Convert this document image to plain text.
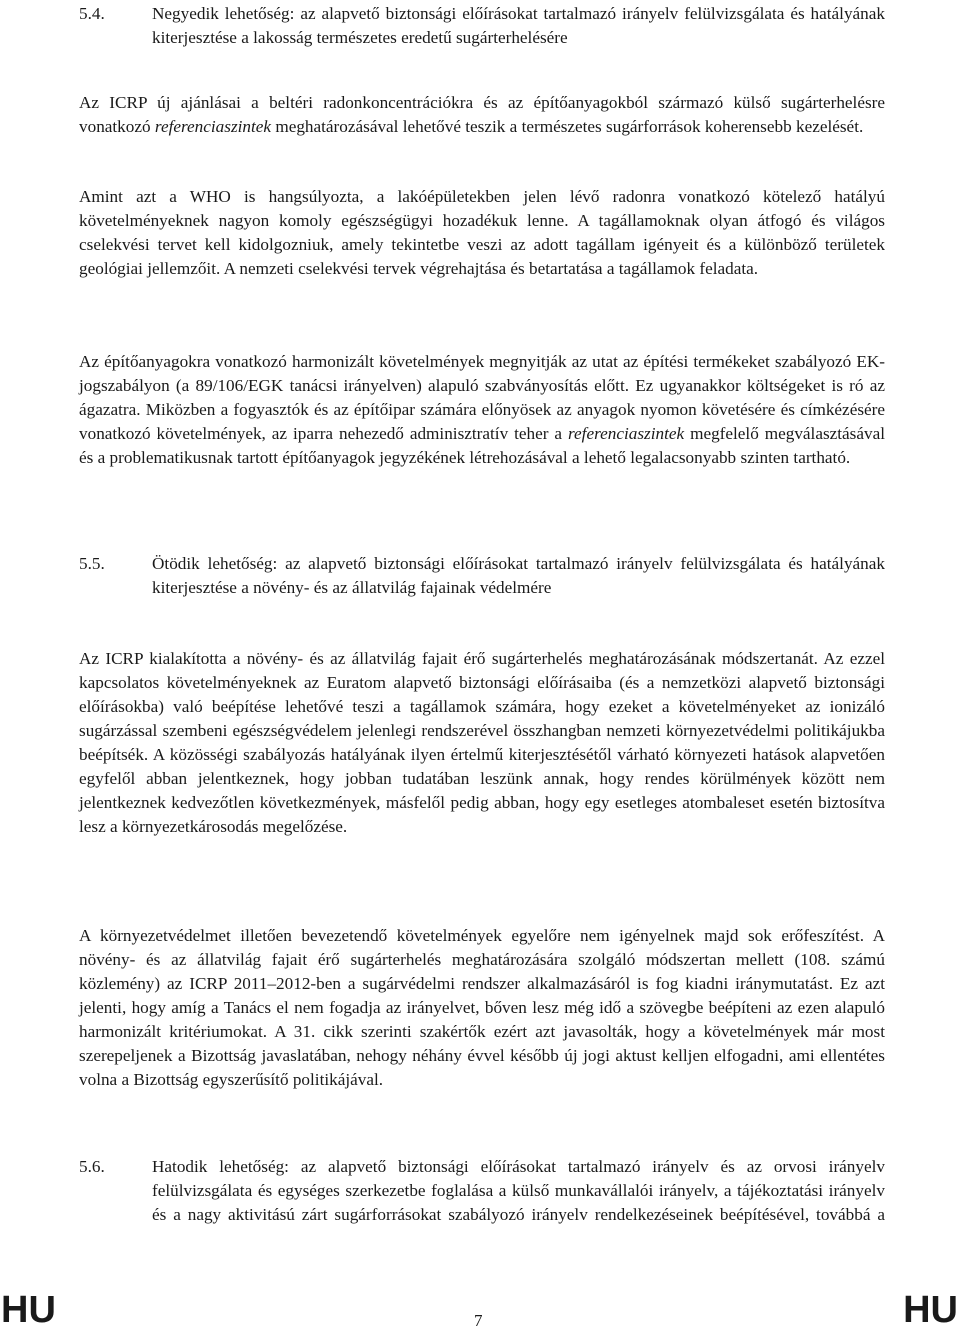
5.4.	Negyedik lehetőség: az alapvető biztonsági előírásokat tartalmazó irányelv felülvizsgálata és hatályának kiterjesztése a lakosság természetes eredetű sugárterhelésére
Az ICRP új ajánlásai a beltéri radonkoncentrációkra és az építőanyagokból származó külső sugárterhelésre vonatkozó referenciaszintek meghatározásával lehetővé teszik a természetes sugárforrások koherensebb kezelését.
Amint azt a WHO is hangsúlyozta, a lakóépületekben jelen lévő radonra vonatkozó kötelező hatályú követelményeknek nagyon komoly egészségügyi hozadékuk lenne. A tagállamoknak olyan átfogó és világos cselekvési tervet kell kidolgozniuk, amely tekintetbe veszi az adott tagállam igényeit és a különböző területek geológiai jellemzőit. A nemzeti cselekvési tervek végrehajtása és betartatása a tagállamok feladata.
Az építőanyagokra vonatkozó harmonizált követelmények megnyitják az utat az építési termékeket szabályozó EK-jogszabályon (a 89/106/EGK tanácsi irányelven) alapuló szabványosítás előtt. Ez ugyanakkor költségeket is ró az ágazatra. Miközben a fogyasztók és az építőipar számára előnyösek az anyagok nyomon követésére és címkézésére vonatkozó követelmények, az iparra nehezedő adminisztratív teher a referenciaszintek megfelelő megválasztásával és a problematikusnak tartott építőanyagok jegyzékének létrehozásával a lehető legalacsonyabb szinten tartható.
5.5.	Ötödik lehetőség: az alapvető biztonsági előírásokat tartalmazó irányelv felülvizsgálata és hatályának kiterjesztése a növény- és az állatvilág fajainak védelmére
Az ICRP kialakította a növény- és az állatvilág fajait érő sugárterhelés meghatározásának módszertanát. Az ezzel kapcsolatos követelményeknek az Euratom alapvető biztonsági előírásaiba (és a nemzetközi alapvető biztonsági előírásokba) való beépítése lehetővé teszi a tagállamok számára, hogy ezeket a követelményeket az ionizáló sugárzással szembeni egészségvédelem jelenlegi rendszerével összhangban nemzeti környezetvédelmi politikájukba beépítsék. A közösségi szabályozás hatályának ilyen értelmű kiterjesztésétől várható környezeti hatások alapvetően egyfelől abban jelentkeznek, hogy jobban tudatában leszünk annak, hogy rendes körülmények között nem jelentkeznek kedvezőtlen következmények, másfelől pedig abban, hogy egy esetleges atombaleset esetén biztosítva lesz a környezetkárosodás megelőzése.
A környezetvédelmet illetően bevezetendő követelmények egyelőre nem igényelnek majd sok erőfeszítést. A növény- és az állatvilág fajait érő sugárterhelés meghatározására szolgáló módszertan mellett (108. számú közlemény) az ICRP 2011–2012-ben a sugárvédelmi rendszer alkalmazásáról is fog kiadni iránymutatást. Ez azt jelenti, hogy amíg a Tanács el nem fogadja az irányelvet, bőven lesz még idő a szövegbe beépíteni az ezen alapuló harmonizált kritériumokat. A 31. cikk szerinti szakértők ezért azt javasolták, hogy a követelmények már most szerepeljenek a Bizottság javaslatában, nehogy néhány évvel később új jogi aktust kelljen elfogadni, ami ellentétes volna a Bizottság egyszerűsítő politikájával.
5.6.	Hatodik lehetőség: az alapvető biztonsági előírásokat tartalmazó irányelv és az orvosi irányelv felülvizsgálata és egységes szerkezetbe foglalása a külső munkavállalói irányelv, a tájékoztatási irányelv és a nagy aktivitású zárt sugárforrásokat szabályozó irányelv rendelkezéseinek beépítésével, továbbá a
HU	7	HU
